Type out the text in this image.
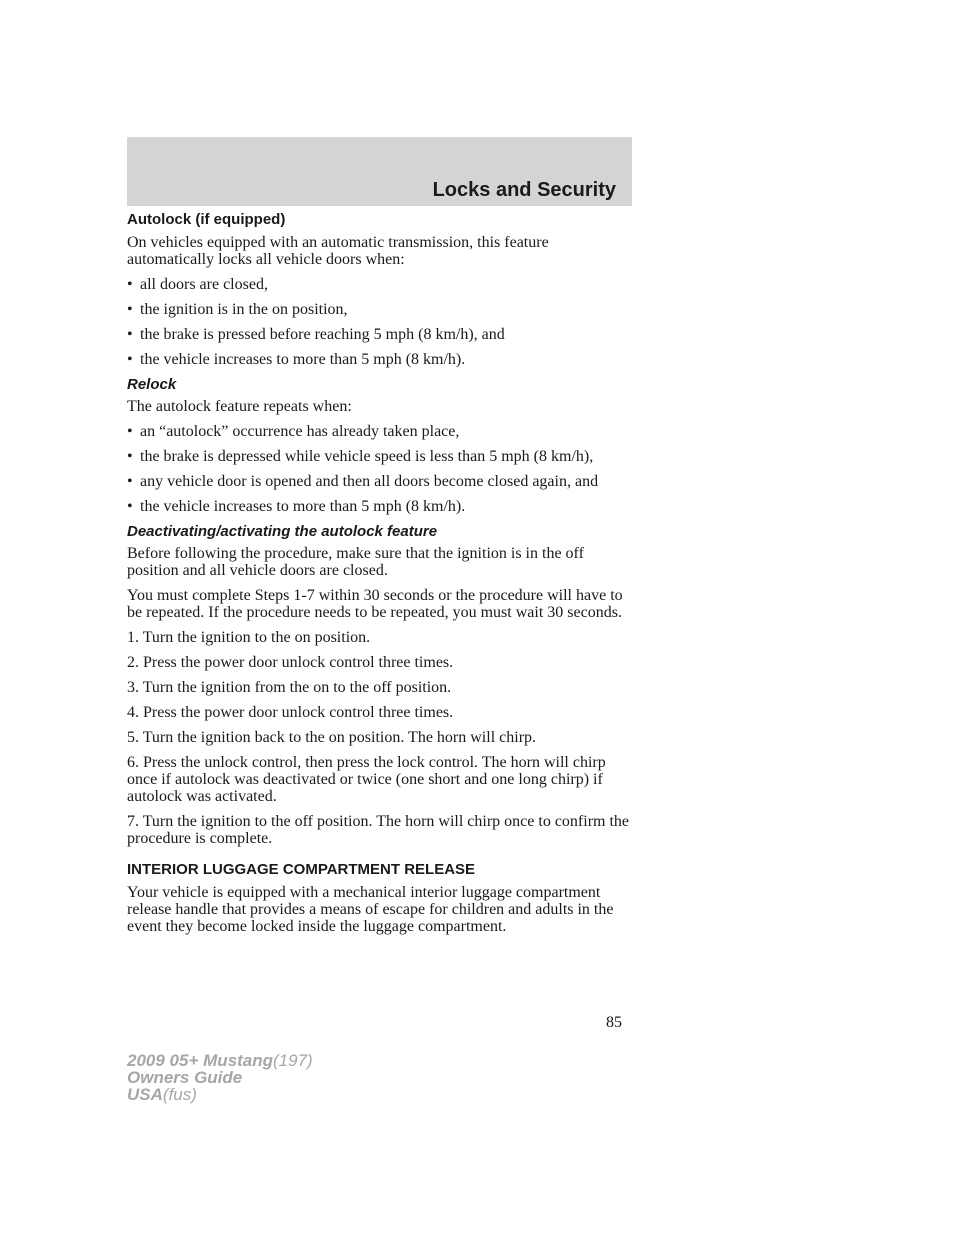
Locks and Security
Autolock (if equipped)

On vehicles equipped with an automatic transmission, this feature automatically locks all vehicle doors when:

• all doors are closed,
• the ignition is in the on position,
• the brake is pressed before reaching 5 mph (8 km/h), and
• the vehicle increases to more than 5 mph (8 km/h).
Relock

The autolock feature repeats when:

• an “autolock” occurrence has already taken place,
• the brake is depressed while vehicle speed is less than 5 mph (8 km/h),
• any vehicle door is opened and then all doors become closed again, and
• the vehicle increases to more than 5 mph (8 km/h).
Deactivating/activating the autolock feature

Before following the procedure, make sure that the ignition is in the off position and all vehicle doors are closed.

You must complete Steps 1-7 within 30 seconds or the procedure will have to be repeated. If the procedure needs to be repeated, you must wait 30 seconds.

1. Turn the ignition to the on position.

2. Press the power door unlock control three times.

3. Turn the ignition from the on to the off position.

4. Press the power door unlock control three times.

5. Turn the ignition back to the on position. The horn will chirp.

6. Press the unlock control, then press the lock control. The horn will chirp once if autolock was deactivated or twice (one short and one long chirp) if autolock was activated.

7. Turn the ignition to the off position. The horn will chirp once to confirm the procedure is complete.

INTERIOR LUGGAGE COMPARTMENT RELEASE

Your vehicle is equipped with a mechanical interior luggage compartment release handle that provides a means of escape for children and adults in the event they become locked inside the luggage compartment.

85
2009 05+ Mustang(197)
Owners Guide
USA(fus)
